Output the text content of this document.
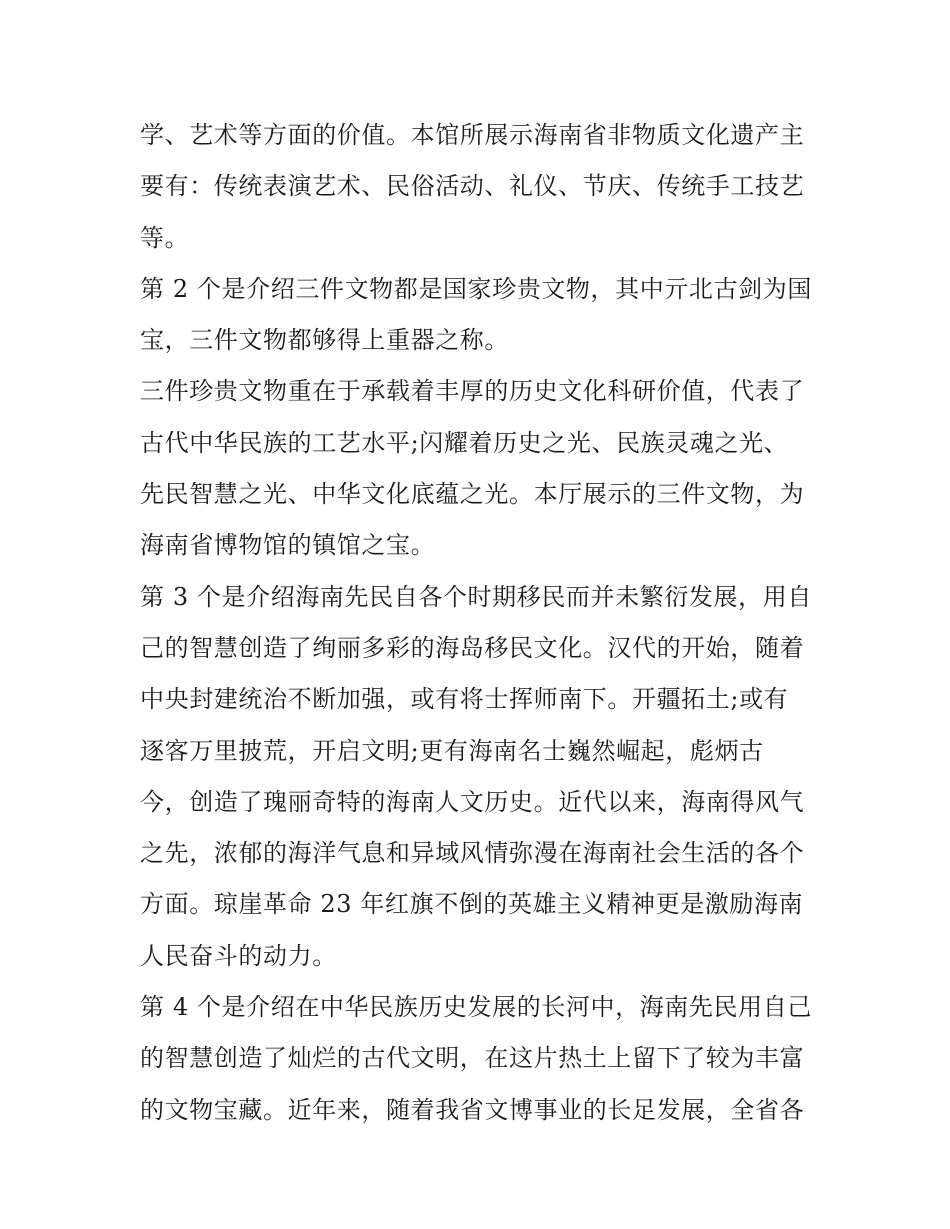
学、艺术等方面的价值。本馆所展示海南省非物质文化遗产主
要有：传统表演艺术、民俗活动、礼仪、节庆、传统手工技艺
等。
第 2 个是介绍三件文物都是国家珍贵文物，其中亓北古剑为国
宝，三件文物都够得上重器之称。
三件珍贵文物重在于承载着丰厚的历史文化科研价值，代表了
古代中华民族的工艺水平;闪耀着历史之光、民族灵魂之光、
先民智慧之光、中华文化底蕴之光。本厅展示的三件文物，为
海南省博物馆的镇馆之宝。
第 3 个是介绍海南先民自各个时期移民而并未繁衍发展，用自
己的智慧创造了绚丽多彩的海岛移民文化。汉代的开始，随着
中央封建统治不断加强，或有将士挥师南下。开疆拓土;或有
逐客万里披荒，开启文明;更有海南名士巍然崛起，彪炳古
今，创造了瑰丽奇特的海南人文历史。近代以来，海南得风气
之先，浓郁的海洋气息和异域风情弥漫在海南社会生活的各个
方面。琼崖革命 23 年红旗不倒的英雄主义精神更是激励海南
人民奋斗的动力。
第 4 个是介绍在中华民族历史发展的长河中，海南先民用自己
的智慧创造了灿烂的古代文明，在这片热土上留下了较为丰富
的文物宝藏。近年来，随着我省文博事业的长足发展，全省各
